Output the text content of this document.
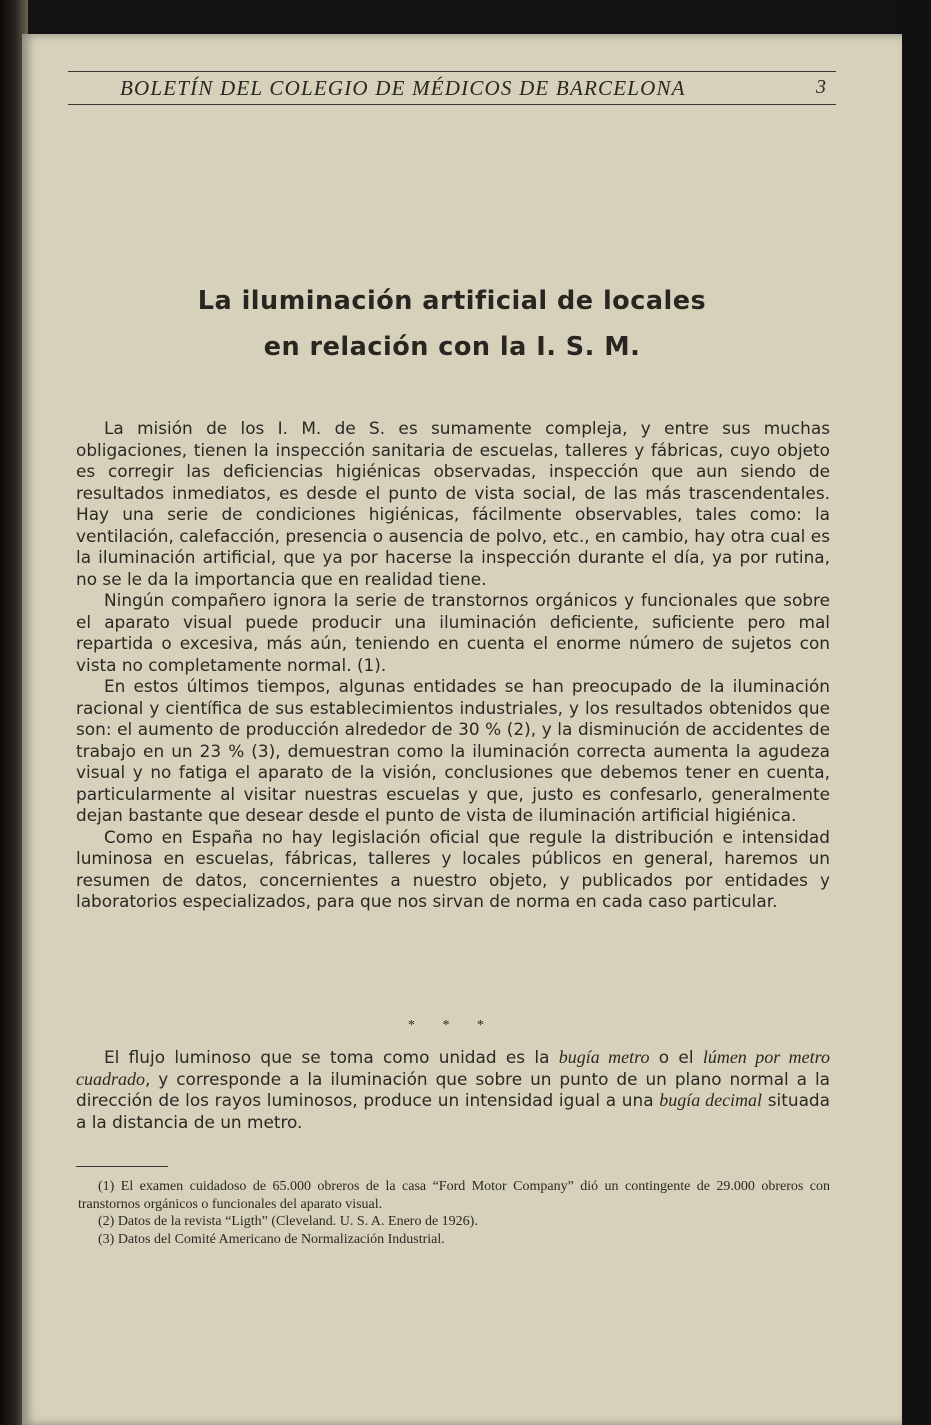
BOLETÍN DEL COLEGIO DE MÉDICOS DE BARCELONA	3
La iluminación artificial de locales
en relación con la I. S. M.

La misión de los I. M. de S. es sumamente compleja, y entre sus muchas obligaciones, tienen la inspección sanitaria de escuelas, talleres y fábricas, cuyo objeto es corregir las deficiencias higiénicas observadas, inspección que aun siendo de resultados inmediatos, es desde el punto de vista social, de las más trascendentales. Hay una serie de condiciones higiénicas, fácilmente observables, tales como: la ventilación, calefacción, presencia o ausencia de polvo, etc., en cambio, hay otra cual es la iluminación artificial, que ya por hacerse la inspección durante el día, ya por rutina, no se le da la importancia que en realidad tiene.

Ningún compañero ignora la serie de transtornos orgánicos y funcionales que sobre el aparato visual puede producir una iluminación deficiente, suficiente pero mal repartida o excesiva, más aún, teniendo en cuenta el enorme número de sujetos con vista no completamente normal. (1).

En estos últimos tiempos, algunas entidades se han preocupado de la iluminación racional y científica de sus establecimientos industriales, y los resultados obtenidos que son: el aumento de producción alrededor de 30 % (2), y la disminución de accidentes de trabajo en un 23 % (3), demuestran como la iluminación correcta aumenta la agudeza visual y no fatiga el aparato de la visión, conclusiones que debemos tener en cuenta, particularmente al visitar nuestras escuelas y que, justo es confesarlo, generalmente dejan bastante que desear desde el punto de vista de iluminación artificial higiénica.

Como en España no hay legislación oficial que regule la distribución e intensidad luminosa en escuelas, fábricas, talleres y locales públicos en general, haremos un resumen de datos, concernientes a nuestro objeto, y publicados por entidades y laboratorios especializados, para que nos sirvan de norma en cada caso particular.

* * *

El flujo luminoso que se toma como unidad es la bugía metro o el lúmen por metro cuadrado, y corresponde a la iluminación que sobre un punto de un plano normal a la dirección de los rayos luminosos, produce un intensidad igual a una bugía decimal situada a la distancia de un metro.

(1) El examen cuidadoso de 65.000 obreros de la casa “Ford Motor Company” dió un contingente de 29.000 obreros con transtornos orgánicos o funcionales del aparato visual.

(2) Datos de la revista “Ligth” (Cleveland. U. S. A. Enero de 1926).

(3) Datos del Comité Americano de Normalización Industrial.
